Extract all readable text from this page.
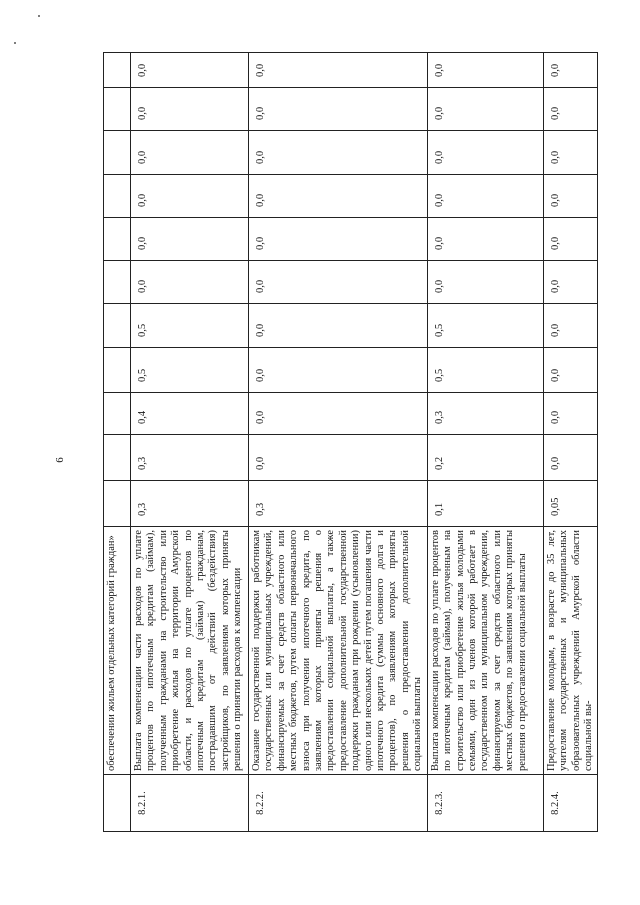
6
	обеспечении жильем отдельных категорий граждан»											
8.2.1.	Выплата компенсации части расходов по уплате процентов по ипотечным кредитам (займам), полученным гражданами на строительство или приобретение жилья на территории Амурской области, и расходов по уплате процентов по ипотечным кредитам (займам) гражданам, пострадавшим от действий (бездействия) застройщиков, по заявлениям которых приняты решения о принятии расходов к компенсации	0,3	0,3	0,4	0,5	0,5	0,0	0,0	0,0	0,0	0,0	0,0
8.2.2.	Оказание государственной поддержки работникам государственных или муниципальных учреждений, финансируемых за счет средств областного или местных бюджетов, путем оплаты первоначального взноса при получении ипотечного кредита, по заявлениям которых приняты решения о предоставлении социальной выплаты, а также предоставление дополнительной государственной поддержки гражданам при рождении (усыновлении) одного или нескольких детей путем погашения части ипотечного кредита (суммы основного долга и процентов), по заявлениям которых приняты решения о предоставлении дополнительной социальной выплаты	0,3	0,0	0,0	0,0	0,0	0,0	0,0	0,0	0,0	0,0	0,0
8.2.3.	Выплата компенсации расходов по уплате процентов по ипотечным кредитам (займам), полученным на строительство или приобретение жилья молодыми семьями, один из членов которой работает в государственном или муниципальном учреждении, финансируемом за счет средств областного или местных бюджетов, по заявлениям которых приняты решения о предоставлении социальной выплаты	0,1	0,2	0,3	0,5	0,5	0,0	0,0	0,0	0,0	0,0	0,0
8.2.4.	Предоставление молодым, в возрасте до 35 лет, учителям государственных и муниципальных образовательных учреждений Амурской области социальной вы-	0,05	0,0	0,0	0,0	0,0	0,0	0,0	0,0	0,0	0,0	0,0
